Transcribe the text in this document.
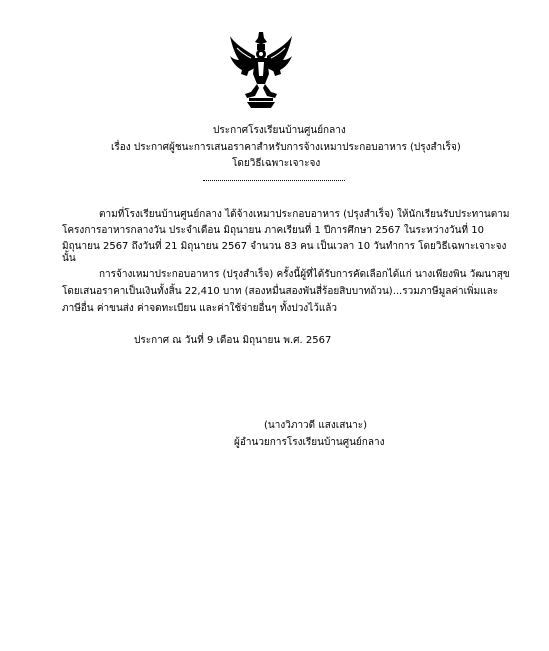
ประกาศโรงเรียนบ้านศูนย์กลาง
เรื่อง ประกาศผู้ชนะการเสนอราคาสำหรับการจ้างเหมาประกอบอาหาร (ปรุงสำเร็จ)
โดยวิธีเฉพาะเจาะจง
ตามที่โรงเรียนบ้านศูนย์กลาง ได้จ้างเหมาประกอบอาหาร (ปรุงสำเร็จ) ให้นักเรียนรับประทานตาม
โครงการอาหารกลางวัน ประจำเดือน มิถุนายน ภาคเรียนที่ 1 ปีการศึกษา 2567 ในระหว่างวันที่ 10
มิถุนายน 2567 ถึงวันที่ 21 มิถุนายน 2567 จำนวน 83 คน เป็นเวลา 10 วันทำการ โดยวิธีเฉพาะเจาะจง
นั้น
การจ้างเหมาประกอบอาหาร (ปรุงสำเร็จ) ครั้งนี้ผู้ที่ได้รับการคัดเลือกได้แก่ นางเพียงพิน วัฒนาสุข
โดยเสนอราคาเป็นเงินทั้งสิ้น 22,410 บาท (สองหมื่นสองพันสี่ร้อยสิบบาทถ้วน)...รวมภาษีมูลค่าเพิ่มและ
ภาษีอื่น ค่าขนส่ง ค่าจดทะเบียน และค่าใช้จ่ายอื่นๆ ทั้งปวงไว้แล้ว
ประกาศ ณ วันที่ 9 เดือน มิถุนายน พ.ศ. 2567
(นางวิภาวดี แสงเสนาะ)
ผู้อำนวยการโรงเรียนบ้านศูนย์กลาง
